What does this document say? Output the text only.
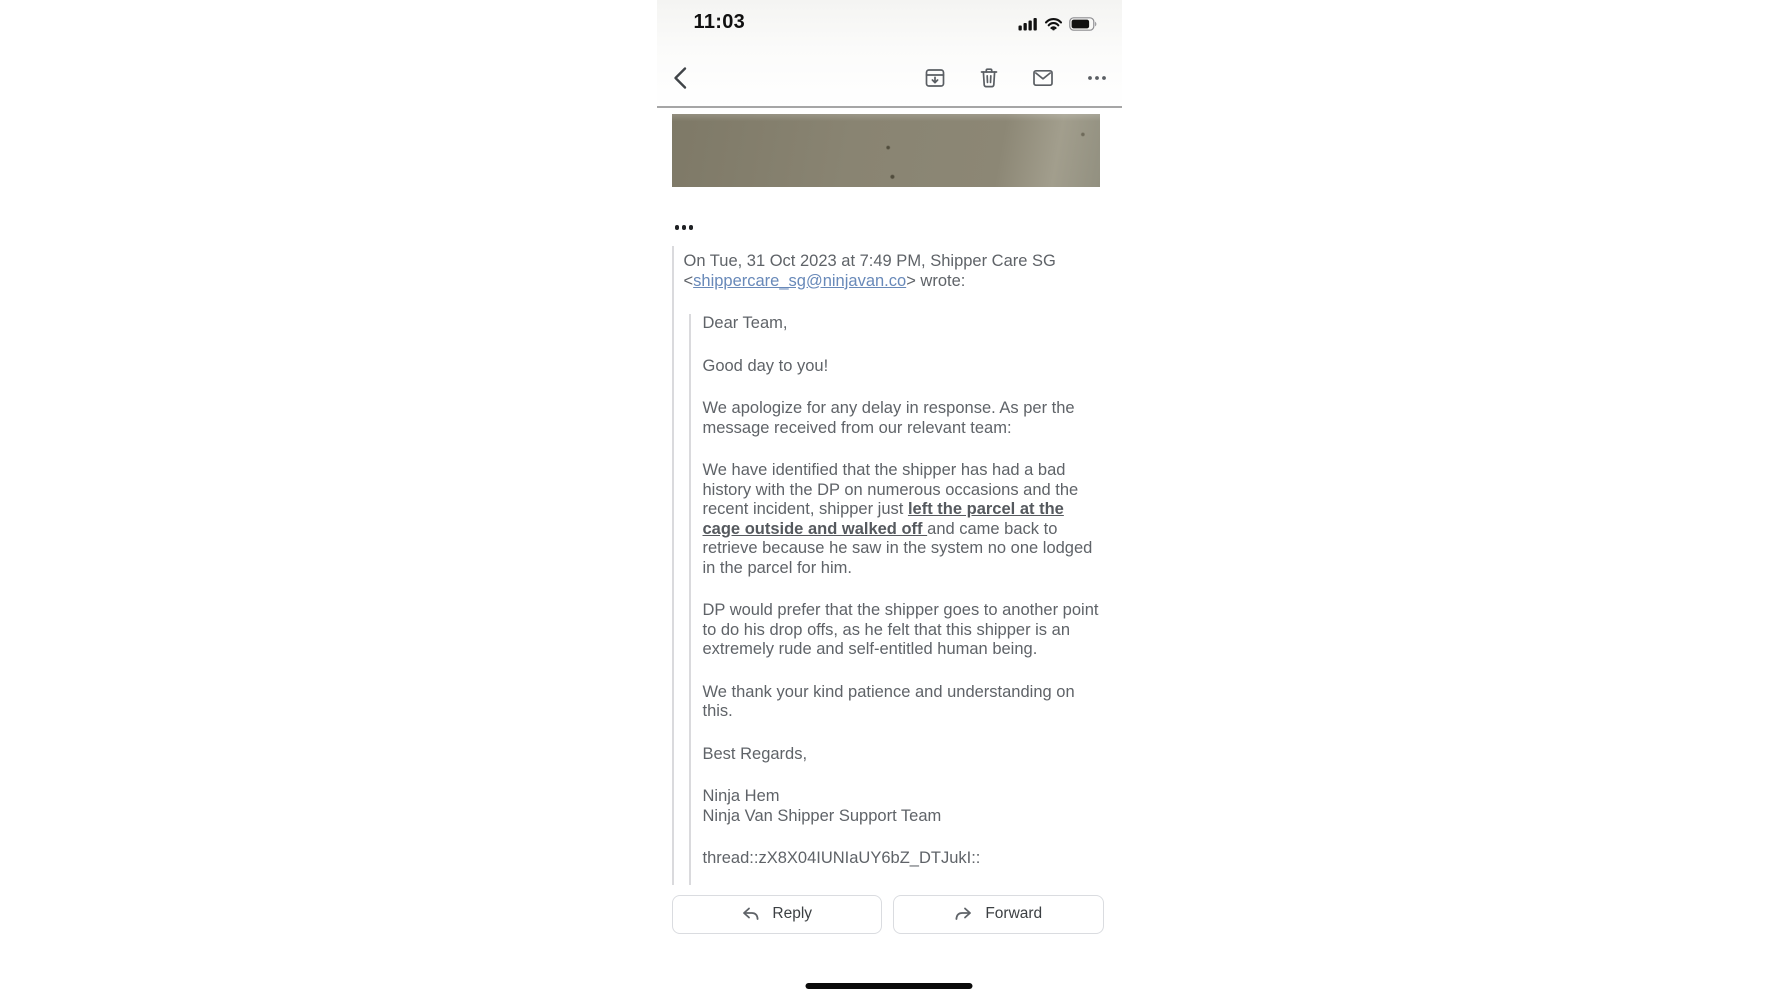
11:03

On Tue, 31 Oct 2023 at 7:49 PM, Shipper Care SG <shippercare_sg@ninjavan.co> wrote:

Dear Team,

Good day to you!

We apologize for any delay in response. As per the message received from our relevant team:

We have identified that the shipper has had a bad history with the DP on numerous occasions and the recent incident, shipper just left the parcel at the cage outside and walked off and came back to retrieve because he saw in the system no one lodged in the parcel for him.

DP would prefer that the shipper goes to another point to do his drop offs, as he felt that this shipper is an extremely rude and self-entitled human being.

We thank your kind patience and understanding on this.

Best Regards,

Ninja Hem
Ninja Van Shipper Support Team

thread::zX8X04IUNIaUY6bZ_DTJukI::

Reply	Forward
